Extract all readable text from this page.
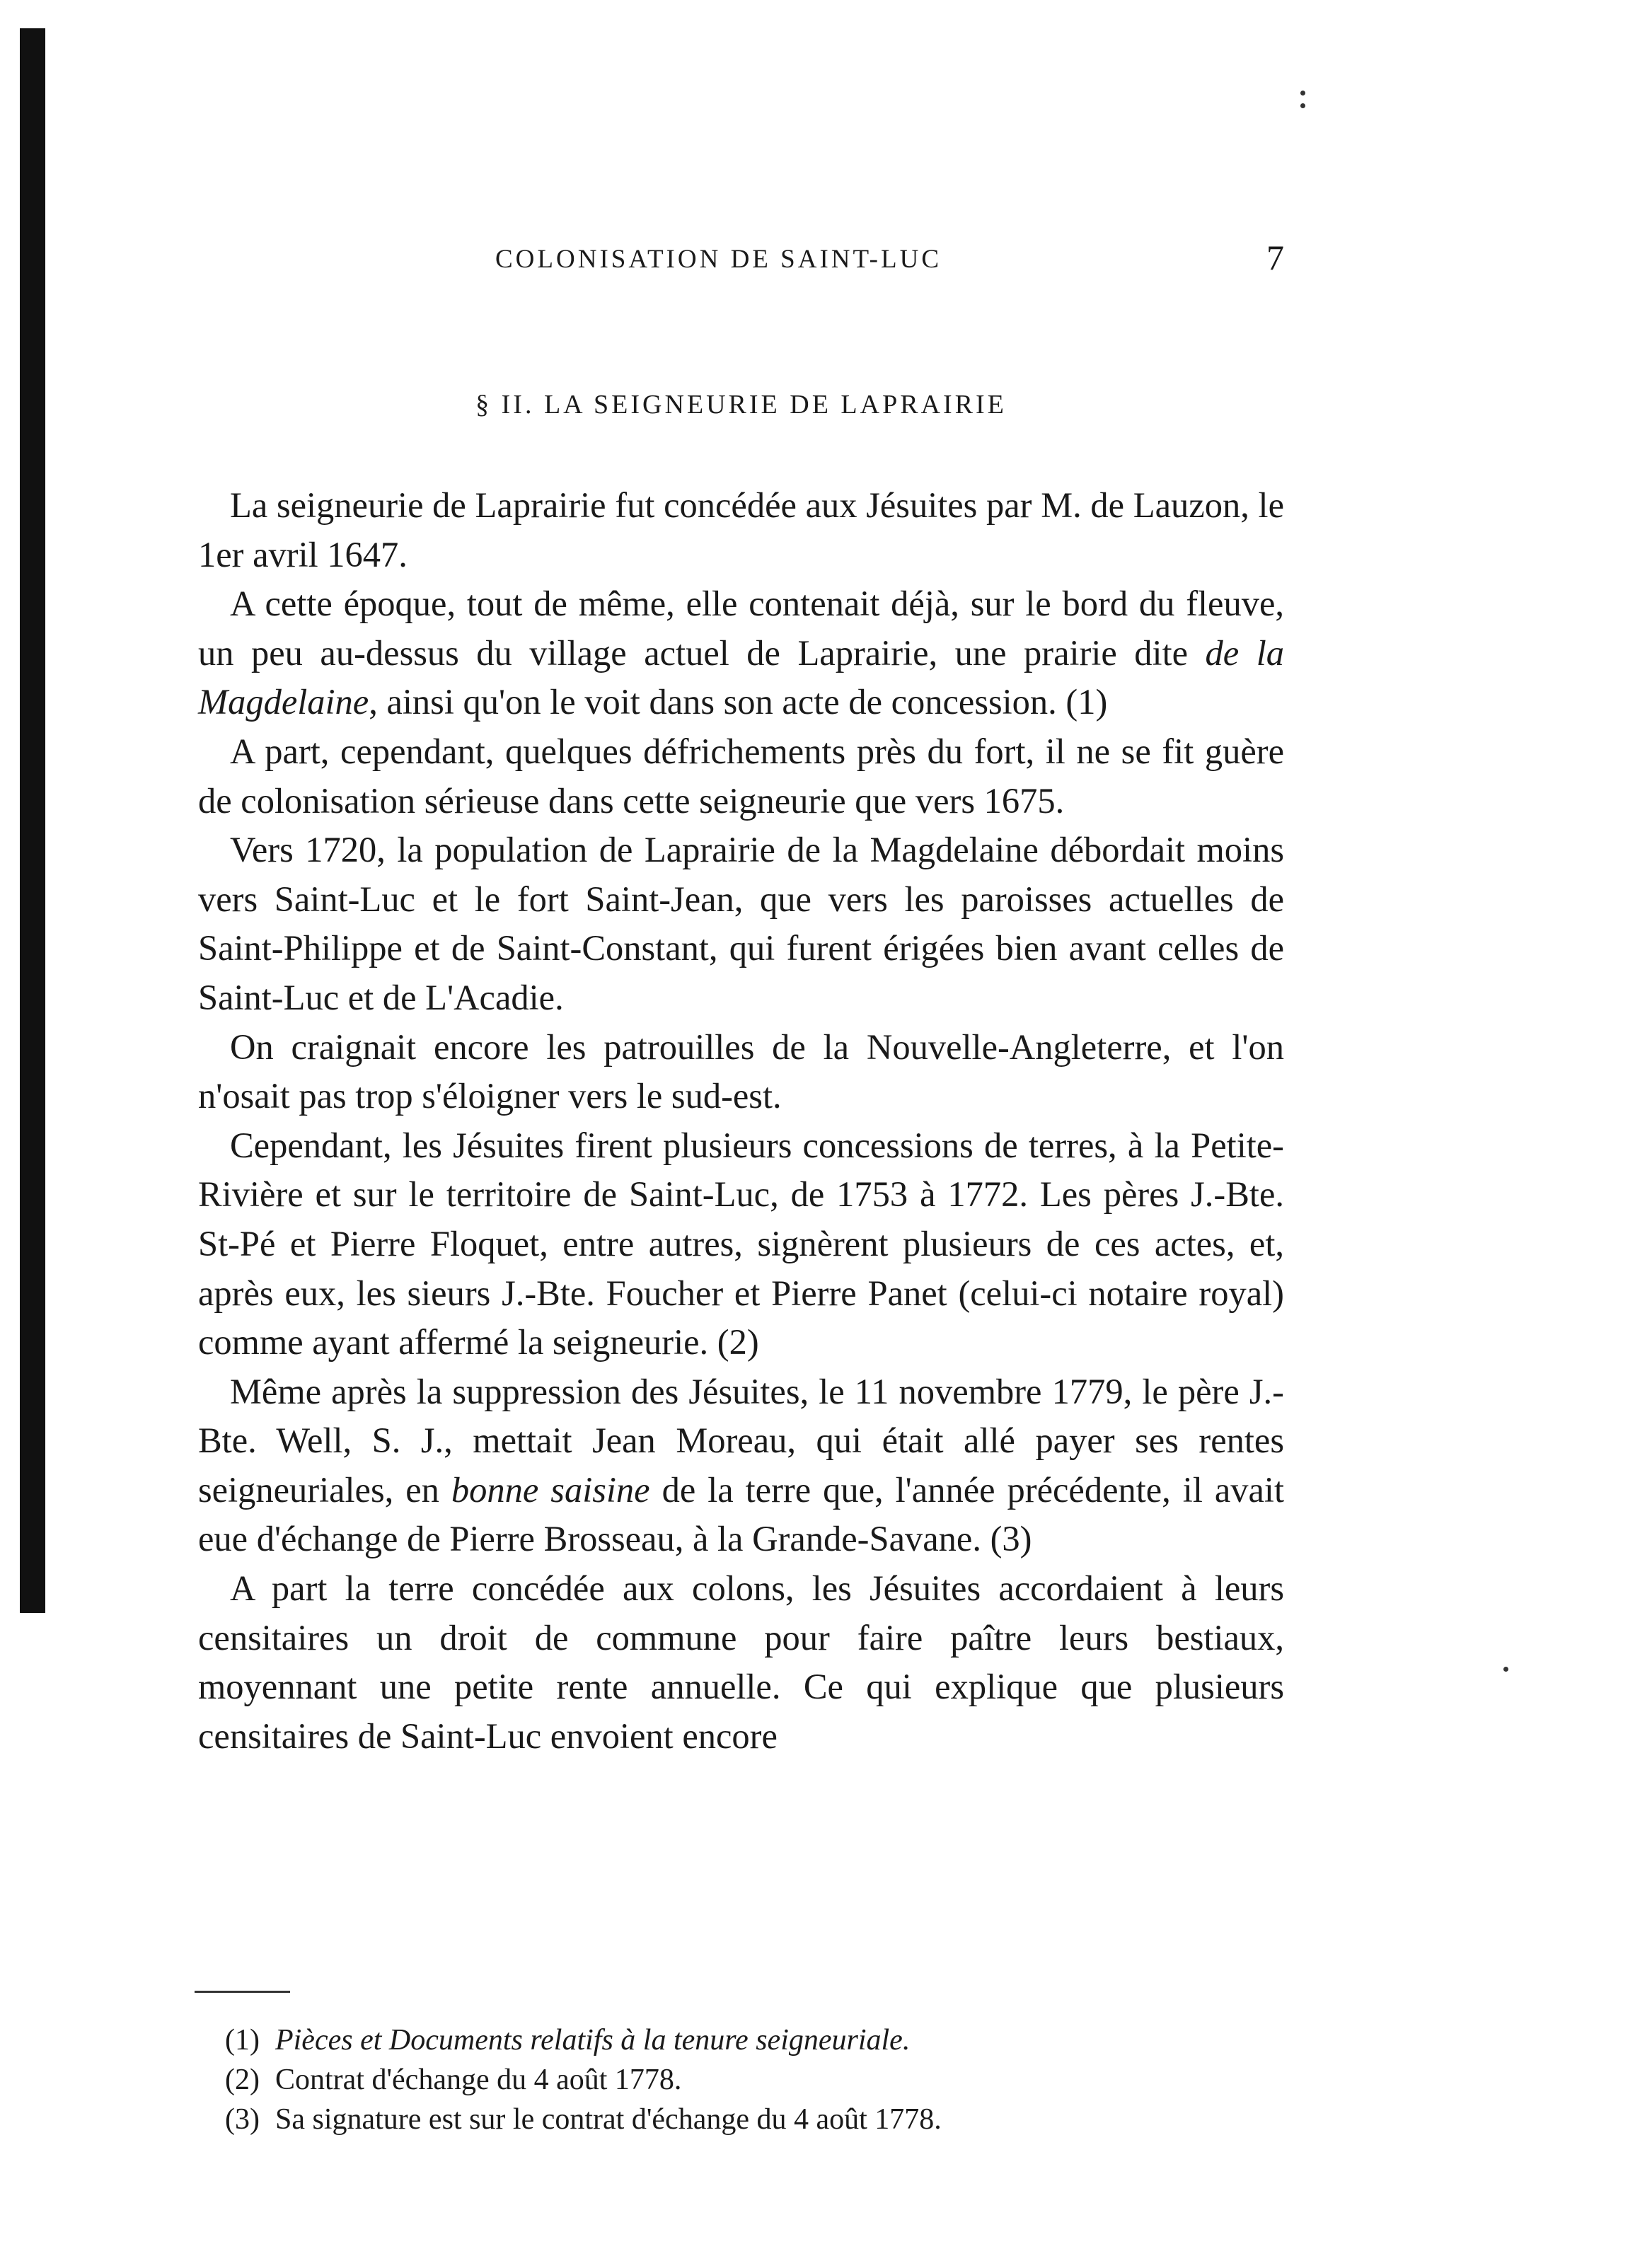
COLONISATION DE SAINT-LUC	7
§ II. LA SEIGNEURIE DE LAPRAIRIE

La seigneurie de Laprairie fut concédée aux Jésuites par M. de Lauzon, le 1er avril 1647.

A cette époque, tout de même, elle contenait déjà, sur le bord du fleuve, un peu au-dessus du village actuel de Laprairie, une prairie dite de la Magdelaine, ainsi qu'on le voit dans son acte de concession. (1)

A part, cependant, quelques défrichements près du fort, il ne se fit guère de colonisation sérieuse dans cette seigneurie que vers 1675.

Vers 1720, la population de Laprairie de la Magdelaine débordait moins vers Saint-Luc et le fort Saint-Jean, que vers les paroisses actuelles de Saint-Philippe et de Saint-Constant, qui furent érigées bien avant celles de Saint-Luc et de L'Acadie.

On craignait encore les patrouilles de la Nouvelle-Angleterre, et l'on n'osait pas trop s'éloigner vers le sud-est.

Cependant, les Jésuites firent plusieurs concessions de terres, à la Petite-Rivière et sur le territoire de Saint-Luc, de 1753 à 1772. Les pères J.-Bte. St-Pé et Pierre Floquet, entre autres, signèrent plusieurs de ces actes, et, après eux, les sieurs J.-Bte. Foucher et Pierre Panet (celui-ci notaire royal) comme ayant affermé la seigneurie. (2)

Même après la suppression des Jésuites, le 11 novembre 1779, le père J.-Bte. Well, S. J., mettait Jean Moreau, qui était allé payer ses rentes seigneuriales, en bonne saisine de la terre que, l'année précédente, il avait eue d'échange de Pierre Brosseau, à la Grande-Savane. (3)

A part la terre concédée aux colons, les Jésuites accordaient à leurs censitaires un droit de commune pour faire paître leurs bestiaux, moyennant une petite rente annuelle. Ce qui explique que plusieurs censitaires de Saint-Luc envoient encore

(1) Pièces et Documents relatifs à la tenure seigneuriale.
(2) Contrat d'échange du 4 août 1778.
(3) Sa signature est sur le contrat d'échange du 4 août 1778.
